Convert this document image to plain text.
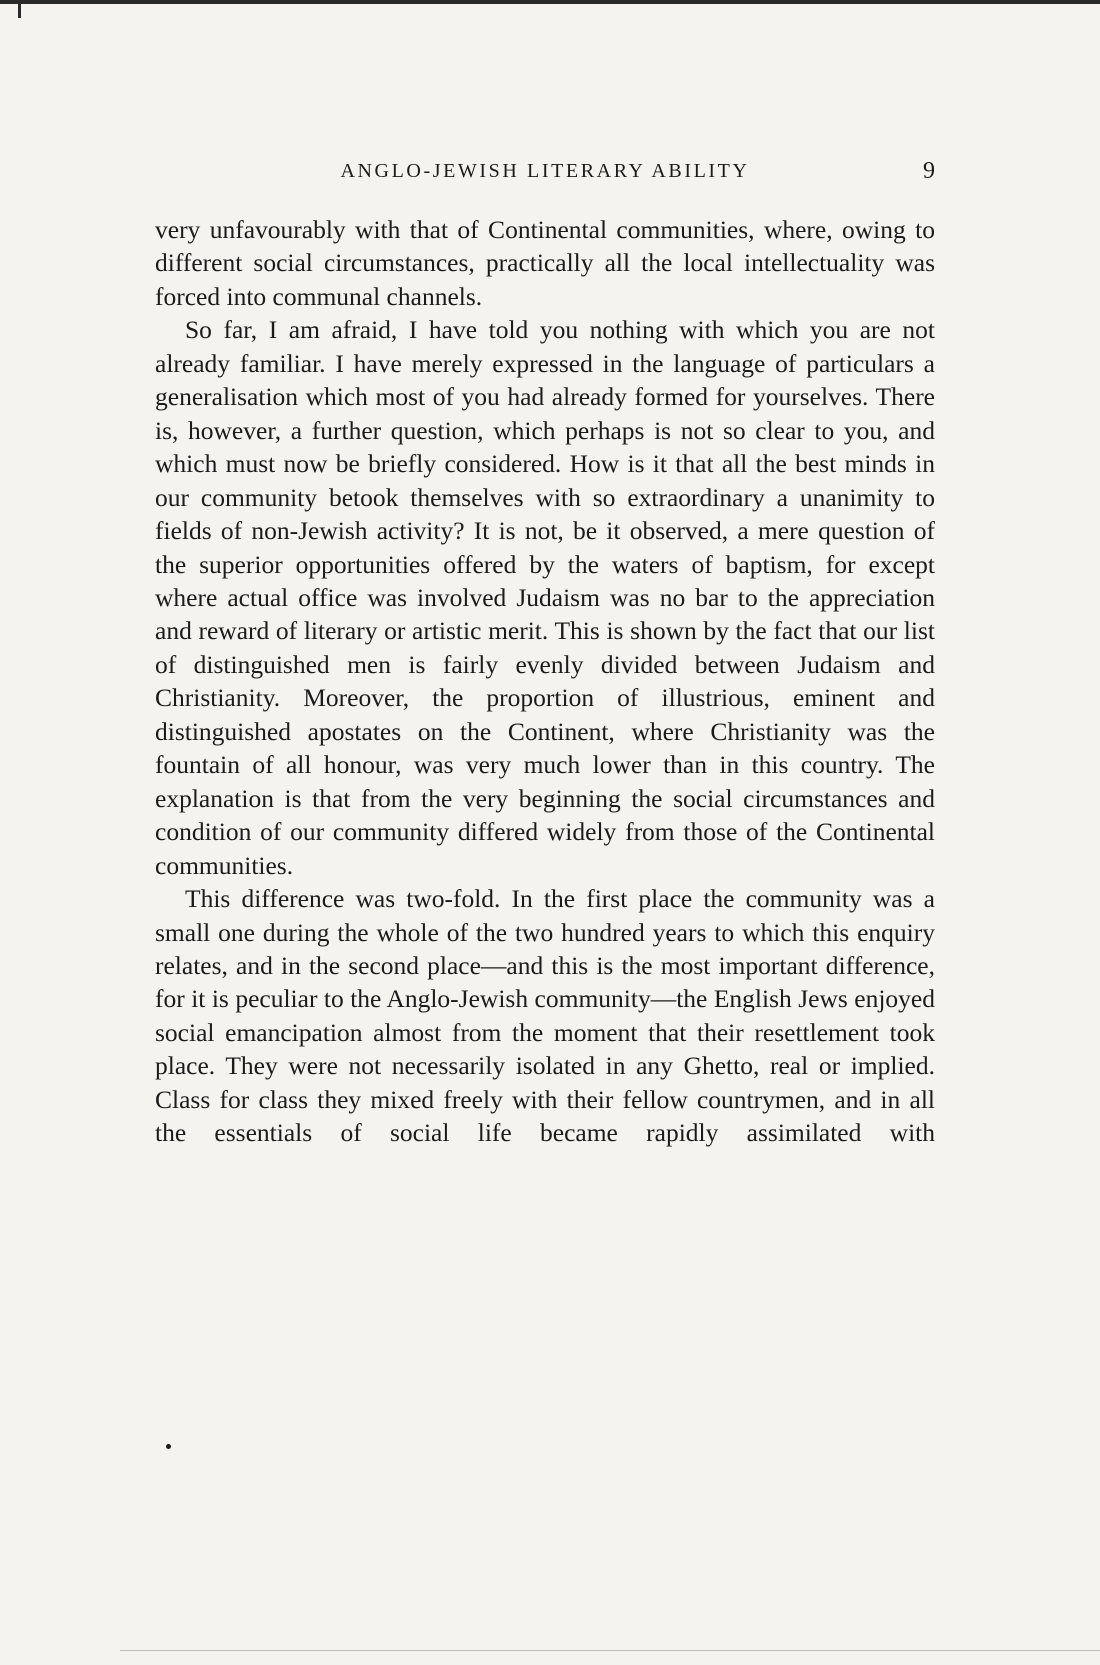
ANGLO-JEWISH LITERARY ABILITY	9

very unfavourably with that of Continental communities, where, owing to different social circumstances, practically all the local intellectuality was forced into communal channels.

So far, I am afraid, I have told you nothing with which you are not already familiar. I have merely expressed in the language of particulars a generalisation which most of you had already formed for yourselves. There is, however, a further question, which perhaps is not so clear to you, and which must now be briefly considered. How is it that all the best minds in our community betook themselves with so extraordinary a unanimity to fields of non-Jewish activity? It is not, be it observed, a mere question of the superior opportunities offered by the waters of baptism, for except where actual office was involved Judaism was no bar to the appreciation and reward of literary or artistic merit. This is shown by the fact that our list of distinguished men is fairly evenly divided between Judaism and Christianity. Moreover, the proportion of illustrious, eminent and distinguished apostates on the Continent, where Christianity was the fountain of all honour, was very much lower than in this country. The explanation is that from the very beginning the social circumstances and condition of our community differed widely from those of the Continental communities.

This difference was two-fold. In the first place the community was a small one during the whole of the two hundred years to which this enquiry relates, and in the second place—and this is the most important difference, for it is peculiar to the Anglo-Jewish community—the English Jews enjoyed social emancipation almost from the moment that their resettlement took place. They were not necessarily isolated in any Ghetto, real or implied. Class for class they mixed freely with their fellow countrymen, and in all the essentials of social life became rapidly assimilated with
